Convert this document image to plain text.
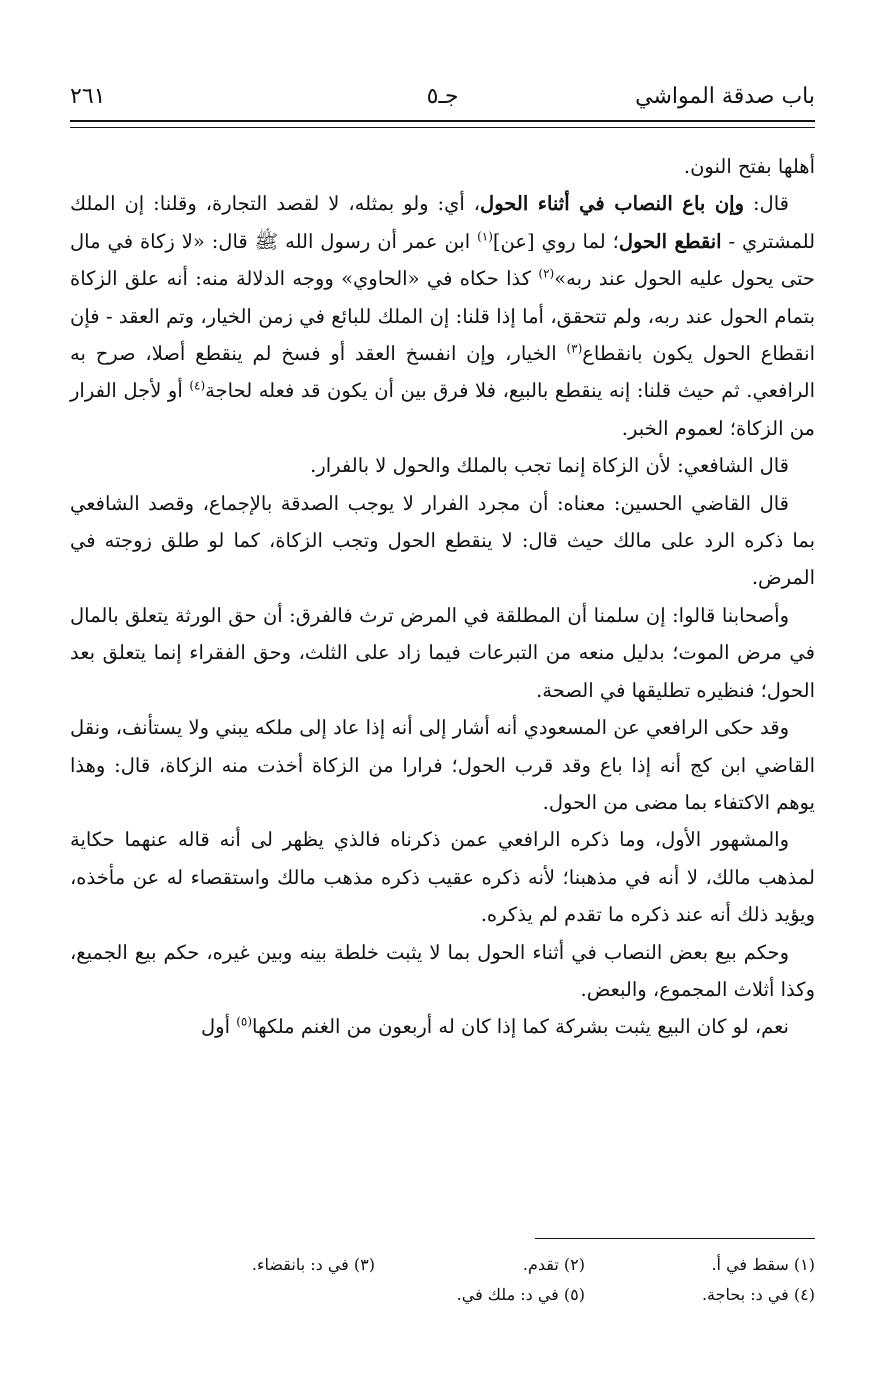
باب صدقة المواشي
جـ٥
٢٦١

أهلها بفتح النون.

قال: وإن باع النصاب في أثناء الحول، أي: ولو بمثله، لا لقصد التجارة، وقلنا: إن الملك للمشتري - انقطع الحول؛ لما روي [عن]$^{(١)}$ ابن عمر أن رسول الله ﷺ قال: «لا زكاة في مال حتى يحول عليه الحول عند ربه»$^{(٢)}$ كذا حكاه في «الحاوي» ووجه الدلالة منه: أنه علق الزكاة بتمام الحول عند ربه، ولم تتحقق، أما إذا قلنا: إن الملك للبائع في زمن الخيار، وتم العقد - فإن انقطاع الحول يكون بانقطاع$^{(٣)}$ الخيار، وإن انفسخ العقد أو فسخ لم ينقطع أصلا، صرح به الرافعي. ثم حيث قلنا: إنه ينقطع بالبيع، فلا فرق بين أن يكون قد فعله لحاجة$^{(٤)}$ أو لأجل الفرار من الزكاة؛ لعموم الخبر.

قال الشافعي: لأن الزكاة إنما تجب بالملك والحول لا بالفرار.

قال القاضي الحسين: معناه: أن مجرد الفرار لا يوجب الصدقة بالإجماع، وقصد الشافعي بما ذكره الرد على مالك حيث قال: لا ينقطع الحول وتجب الزكاة، كما لو طلق زوجته في المرض.

وأصحابنا قالوا: إن سلمنا أن المطلقة في المرض ترث فالفرق: أن حق الورثة يتعلق بالمال في مرض الموت؛ بدليل منعه من التبرعات فيما زاد على الثلث، وحق الفقراء إنما يتعلق بعد الحول؛ فنظيره تطليقها في الصحة.

وقد حكى الرافعي عن المسعودي أنه أشار إلى أنه إذا عاد إلى ملكه يبني ولا يستأنف، ونقل القاضي ابن كج أنه إذا باع وقد قرب الحول؛ فرارا من الزكاة أخذت منه الزكاة، قال: وهذا يوهم الاكتفاء بما مضى من الحول.

والمشهور الأول، وما ذكره الرافعي عمن ذكرناه فالذي يظهر لى أنه قاله عنهما حكاية لمذهب مالك، لا أنه في مذهبنا؛ لأنه ذكره عقيب ذكره مذهب مالك واستقصاء له عن مأخذه، ويؤيد ذلك أنه عند ذكره ما تقدم لم يذكره.

وحكم بيع بعض النصاب في أثناء الحول بما لا يثبت خلطة بينه وبين غيره، حكم بيع الجميع، وكذا أثلاث المجموع، والبعض.

نعم، لو كان البيع يثبت بشركة كما إذا كان له أربعون من الغنم ملكها$^{(٥)}$ أول

(١) سقط في أ.
(٢) تقدم.
(٣) في د: بانقضاء.
(٤) في د: بحاجة.
(٥) في د: ملك في.
